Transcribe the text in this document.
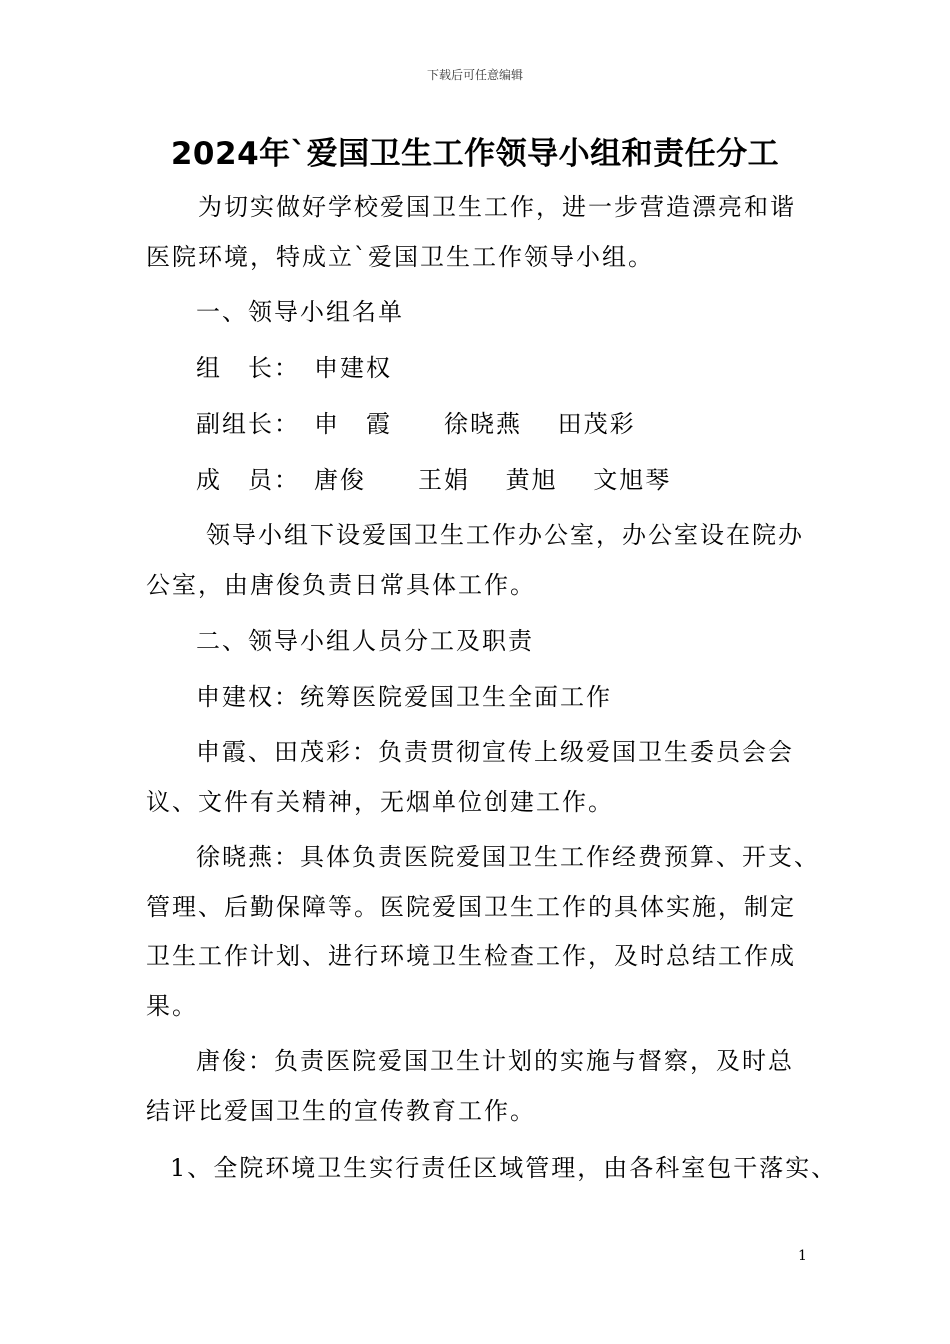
下载后可任意编辑
2024年`爱国卫生工作领导小组和责任分工
为切实做好学校爱国卫生工作，进一步营造漂亮和谐
医院环境，特成立`爱国卫生工作领导小组。
一、领导小组名单
组　长：　申建权
副组长：　申　霞　　徐晓燕　 田茂彩
成　员：　唐俊　　王娟　 黄旭　 文旭琴
领导小组下设爱国卫生工作办公室，办公室设在院办
公室，由唐俊负责日常具体工作。
二、领导小组人员分工及职责
申建权：统筹医院爱国卫生全面工作
申霞、田茂彩：负责贯彻宣传上级爱国卫生委员会会
议、文件有关精神，无烟单位创建工作。
徐晓燕：具体负责医院爱国卫生工作经费预算、开支、
管理、后勤保障等。医院爱国卫生工作的具体实施，制定
卫生工作计划、进行环境卫生检查工作，及时总结工作成
果。
唐俊：负责医院爱国卫生计划的实施与督察，及时总
结评比爱国卫生的宣传教育工作。
1、全院环境卫生实行责任区域管理，由各科室包干落实、
1
